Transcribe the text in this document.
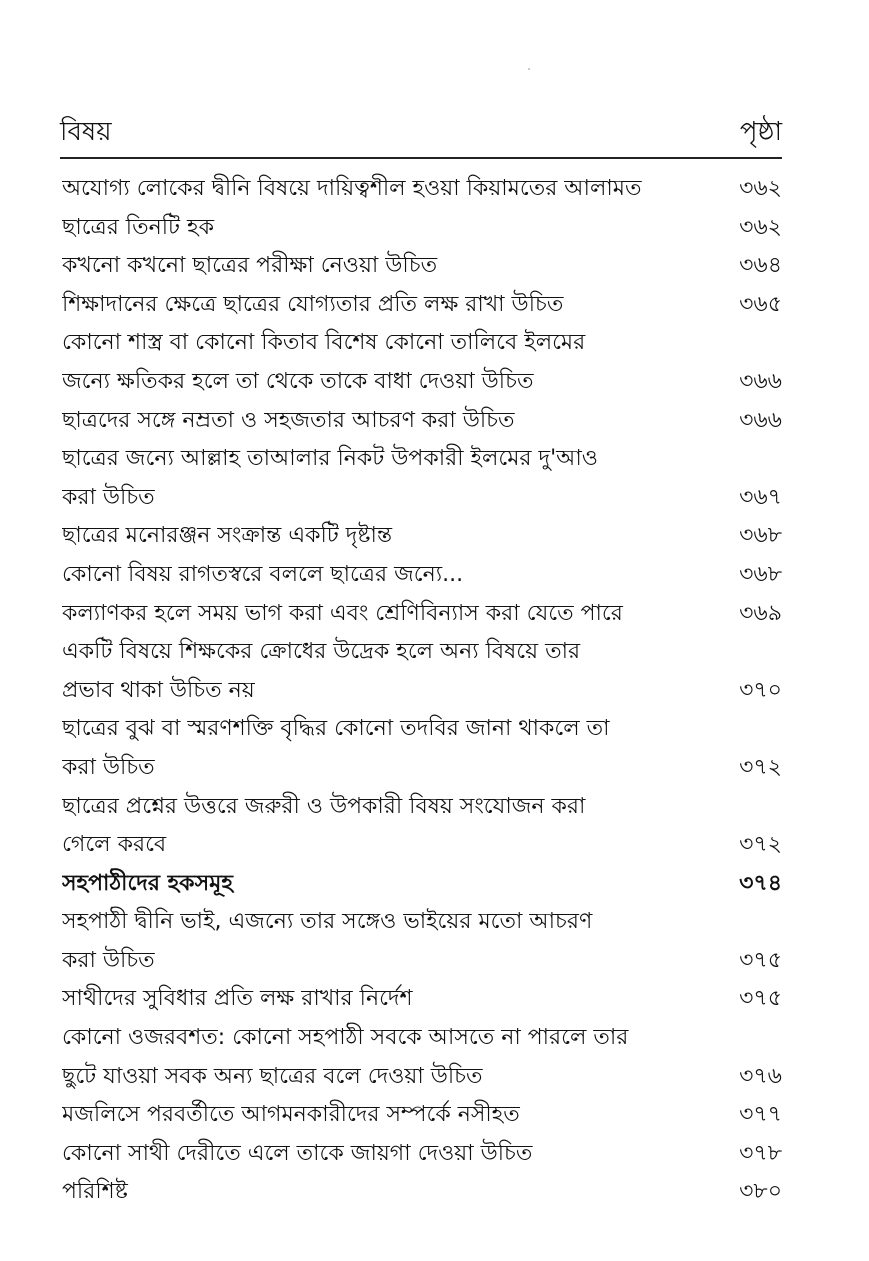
বিষয়	পৃষ্ঠা
অযোগ্য লোকের দ্বীনি বিষয়ে দায়িত্বশীল হওয়া কিয়ামতের আলামত	৩৬২
ছাত্রের তিনটি হক	৩৬২
কখনো কখনো ছাত্রের পরীক্ষা নেওয়া উচিত	৩৬৪
শিক্ষাদানের ক্ষেত্রে ছাত্রের যোগ্যতার প্রতি লক্ষ রাখা উচিত	৩৬৫
কোনো শাস্ত্র বা কোনো কিতাব বিশেষ কোনো তালিবে ইলমের
জন্যে ক্ষতিকর হলে তা থেকে তাকে বাধা দেওয়া উচিত	৩৬৬
ছাত্রদের সঙ্গে নম্রতা ও সহজতার আচরণ করা উচিত	৩৬৬
ছাত্রের জন্যে আল্লাহ তাআলার নিকট উপকারী ইলমের দু'আও
করা উচিত	৩৬৭
ছাত্রের মনোরঞ্জন সংক্রান্ত একটি দৃষ্টান্ত	৩৬৮
কোনো বিষয় রাগতস্বরে বললে ছাত্রের জন্যে...	৩৬৮
কল্যাণকর হলে সময় ভাগ করা এবং শ্রেণিবিন্যাস করা যেতে পারে	৩৬৯
একটি বিষয়ে শিক্ষকের ক্রোধের উদ্রেক হলে অন্য বিষয়ে তার
প্রভাব থাকা উচিত নয়	৩৭০
ছাত্রের বুঝ বা স্মরণশক্তি বৃদ্ধির কোনো তদবির জানা থাকলে তা
করা উচিত	৩৭২
ছাত্রের প্রশ্নের উত্তরে জরুরী ও উপকারী বিষয় সংযোজন করা
গেলে করবে	৩৭২
সহপাঠীদের হকসমূহ	৩৭৪
সহপাঠী দ্বীনি ভাই, এজন্যে তার সঙ্গেও ভাইয়ের মতো আচরণ
করা উচিত	৩৭৫
সাথীদের সুবিধার প্রতি লক্ষ রাখার নির্দেশ	৩৭৫
কোনো ওজরবশত: কোনো সহপাঠী সবকে আসতে না পারলে তার
ছুটে যাওয়া সবক অন্য ছাত্রের বলে দেওয়া উচিত	৩৭৬
মজলিসে পরবর্তীতে আগমনকারীদের সম্পর্কে নসীহত	৩৭৭
কোনো সাথী দেরীতে এলে তাকে জায়গা দেওয়া উচিত	৩৭৮
পরিশিষ্ট	৩৮০
